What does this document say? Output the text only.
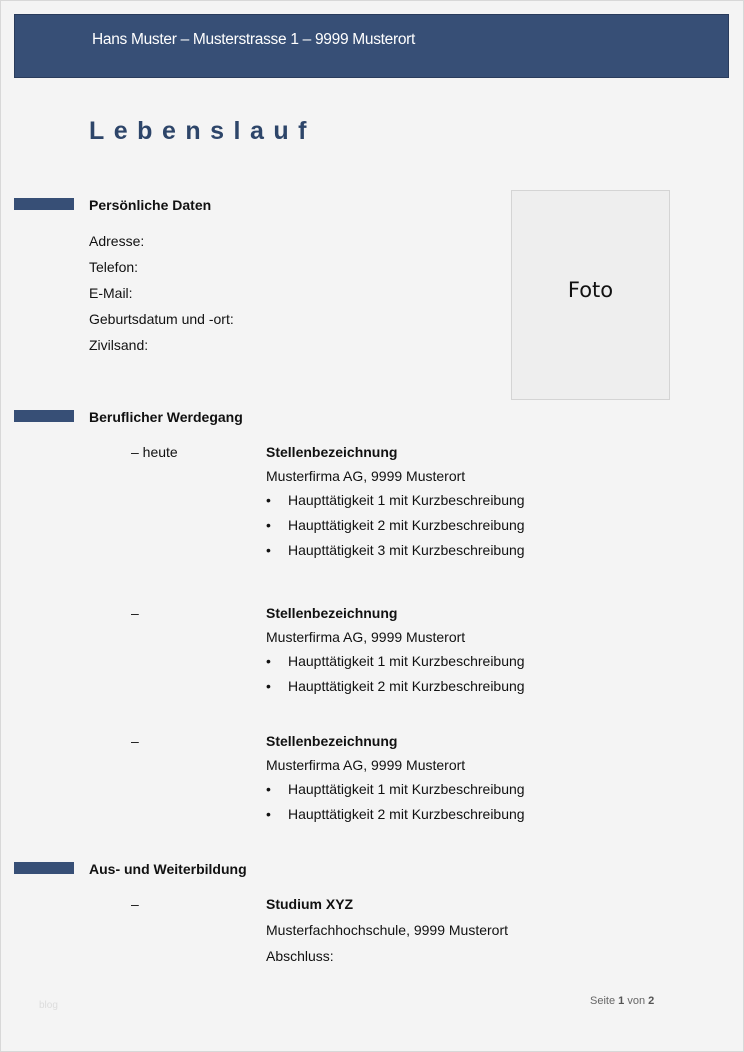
Hans Muster – Musterstrasse 1 – 9999 Musterort
Lebenslauf
Persönliche Daten
Adresse:
Telefon:
E-Mail:
Geburtsdatum und -ort:
Zivilsand:
Foto
Beruflicher Werdegang
– heute	Stellenbezeichnung
Musterfirma AG, 9999 Musterort
• Haupttätigkeit 1 mit Kurzbeschreibung
• Haupttätigkeit 2 mit Kurzbeschreibung
• Haupttätigkeit 3 mit Kurzbeschreibung
–	Stellenbezeichnung
Musterfirma AG, 9999 Musterort
• Haupttätigkeit 1 mit Kurzbeschreibung
• Haupttätigkeit 2 mit Kurzbeschreibung
–	Stellenbezeichnung
Musterfirma AG, 9999 Musterort
• Haupttätigkeit 1 mit Kurzbeschreibung
• Haupttätigkeit 2 mit Kurzbeschreibung
Aus- und Weiterbildung
–	Studium XYZ
Musterfachhochschule, 9999 Musterort
Abschluss:
blog	Seite 1 von 2
